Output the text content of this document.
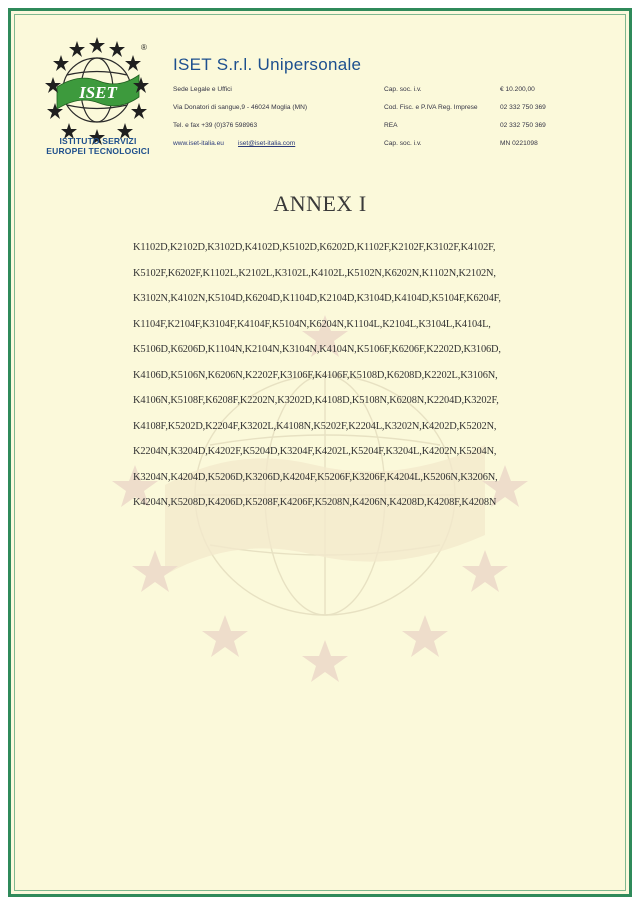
ISET
®
ISTITUTO SERVIZI
EUROPEI TECNOLOGICI
ISET S.r.l. Unipersonale
Sede Legale e Uffici
Via Donatori di sangue,9 - 46024 Moglia (MN)
Tel. e fax +39 (0)376 598963
www.iset-italia.eu iset@iset-italia.com
Cap. soc. i.v.
Cod. Fisc. e P.IVA Reg. Imprese
REA
Cap. soc. i.v.
€ 10.200,00
02 332 750 369
02 332 750 369
MN 0221098
ANNEX I
K1102D,K2102D,K3102D,K4102D,K5102D,K6202D,K1102F,K2102F,K3102F,K4102F,
K5102F,K6202F,K1102L,K2102L,K3102L,K4102L,K5102N,K6202N,K1102N,K2102N,
K3102N,K4102N,K5104D,K6204D,K1104D,K2104D,K3104D,K4104D,K5104F,K6204F,
K1104F,K2104F,K3104F,K4104F,K5104N,K6204N,K1104L,K2104L,K3104L,K4104L,
K5106D,K6206D,K1104N,K2104N,K3104N,K4104N,K5106F,K6206F,K2202D,K3106D,
K4106D,K5106N,K6206N,K2202F,K3106F,K4106F,K5108D,K6208D,K2202L,K3106N,
K4106N,K5108F,K6208F,K2202N,K3202D,K4108D,K5108N,K6208N,K2204D,K3202F,
K4108F,K5202D,K2204F,K3202L,K4108N,K5202F,K2204L,K3202N,K4202D,K5202N,
K2204N,K3204D,K4202F,K5204D,K3204F,K4202L,K5204F,K3204L,K4202N,K5204N,
K3204N,K4204D,K5206D,K3206D,K4204F,K5206F,K3206F,K4204L,K5206N,K3206N,
K4204N,K5208D,K4206D,K5208F,K4206F,K5208N,K4206N,K4208D,K4208F,K4208N
